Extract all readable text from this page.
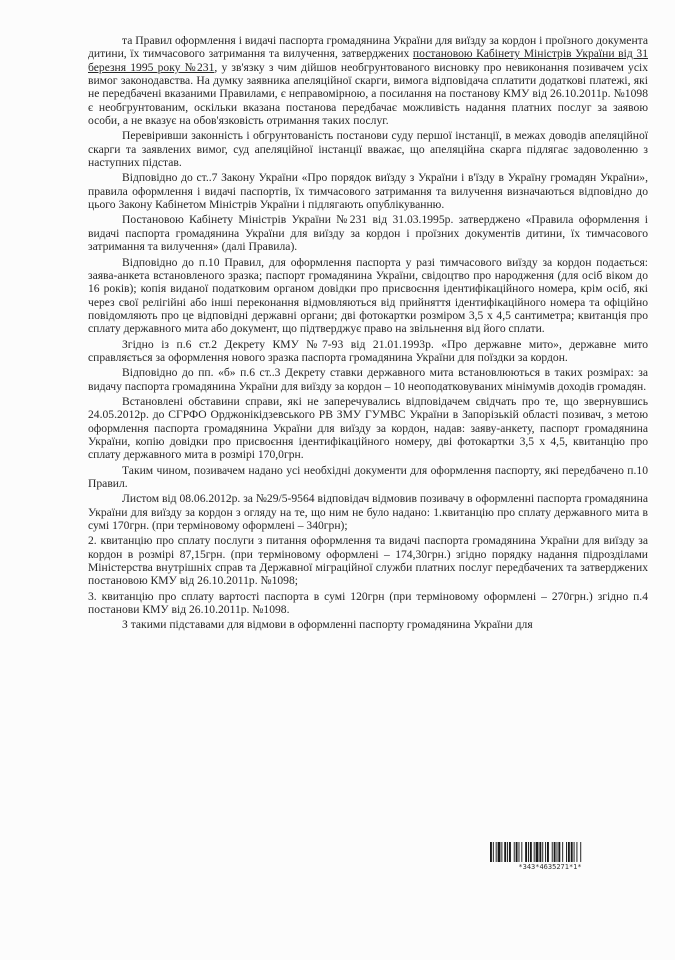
та Правил оформлення і видачі паспорта громадянина України для виїзду за кордон і проїзного документа дитини, їх тимчасового затримання та вилучення, затверджених постановою Кабінету Міністрів України від 31 березня 1995 року №231, у зв'язку з чим дійшов необгрунтованого висновку про невиконання позивачем усіх вимог законодавства. На думку заявника апеляційної скарги, вимога відповідача сплатити додаткові платежі, які не передбачені вказаними Правилами, є неправомірною, а посилання на постанову КМУ від 26.10.2011р. №1098 є необгрунтованим, оскільки вказана постанова передбачає можливість надання платних послуг за заявою особи, а не вказує на обов'язковість отримання таких послуг.

Перевіривши законність і обгрунтованість постанови суду першої інстанції, в межах доводів апеляційної скарги та заявлених вимог, суд апеляційної інстанції вважає, що апеляційна скарга підлягає задоволенню з наступних підстав.

Відповідно до ст..7 Закону України «Про порядок виїзду з України і в'їзду в Україну громадян України», правила оформлення і видачі паспортів, їх тимчасового затримання та вилучення визначаються відповідно до цього Закону Кабінетом Міністрів України і підлягають опублікуванню.

Постановою Кабінету Міністрів України №231 від 31.03.1995р. затверджено «Правила оформлення і видачі паспорта громадянина України для виїзду за кордон і проїзних документів дитини, їх тимчасового затримання та вилучення» (далі Правила).

Відповідно до п.10 Правил, для оформлення паспорта у разі тимчасового виїзду за кордон подається: заява-анкета встановленого зразка; паспорт громадянина України, свідоцтво про народження (для осіб віком до 16 років); копія виданої податковим органом довідки про присвоєння ідентифікаційного номера, крім осіб, які через свої релігійні або інші переконання відмовляються від прийняття ідентифікаційного номера та офіційно повідомляють про це відповідні державні органи; дві фотокартки розміром 3,5 х 4,5 сантиметра; квитанція про сплату державного мита або документ, що підтверджує право на звільнення від його сплати.

Згідно із п.6 ст.2 Декрету КМУ №7-93 від 21.01.1993р. «Про державне мито», державне мито справляється за оформлення нового зразка паспорта громадянина України для поїздки за кордон.

Відповідно до пп. «б» п.6 ст..3 Декрету ставки державного мита встановлюються в таких розмірах: за видачу паспорта громадянина України для виїзду за кордон – 10 неоподатковуваних мінімумів доходів громадян.

Встановлені обставини справи, які не заперечувались відповідачем свідчать про те, що звернувшись 24.05.2012р. до СГРФО Орджонікідзевського РВ ЗМУ ГУМВС України в Запорізькій області позивач, з метою оформлення паспорта громадянина України для виїзду за кордон, надав: заяву-анкету, паспорт громадянина України, копію довідки про присвоєння ідентифікаційного номеру, дві фотокартки 3,5 х 4,5, квитанцію про сплату державного мита в розмірі 170,0грн.

Таким чином, позивачем надано усі необхідні документи для оформлення паспорту, які передбачено п.10 Правил.

Листом від 08.06.2012р. за №29/5-9564 відповідач відмовив позивачу в оформленні паспорта громадянина України для виїзду за кордон з огляду на те, що ним не було надано: 1.квитанцію про сплату державного мита в сумі 170грн. (при терміновому оформлені – 340грн);

2. квитанцію про сплату послуги з питання оформлення та видачі паспорта громадянина України для виїзду за кордон в розмірі 87,15грн. (при терміновому оформлені – 174,30грн.) згідно порядку надання підрозділами Міністерства внутрішніх справ та Державної міграційної служби платних послуг передбачених та затверджених постановою КМУ від 26.10.2011р. №1098;

3. квитанцію про сплату вартості паспорта в сумі 120грн (при терміновому оформлені – 270грн.) згідно п.4 постанови КМУ від 26.10.2011р. №1098.

З такими підставами для відмови в оформленні паспорту громадянина України для

*343*4635271*1*
